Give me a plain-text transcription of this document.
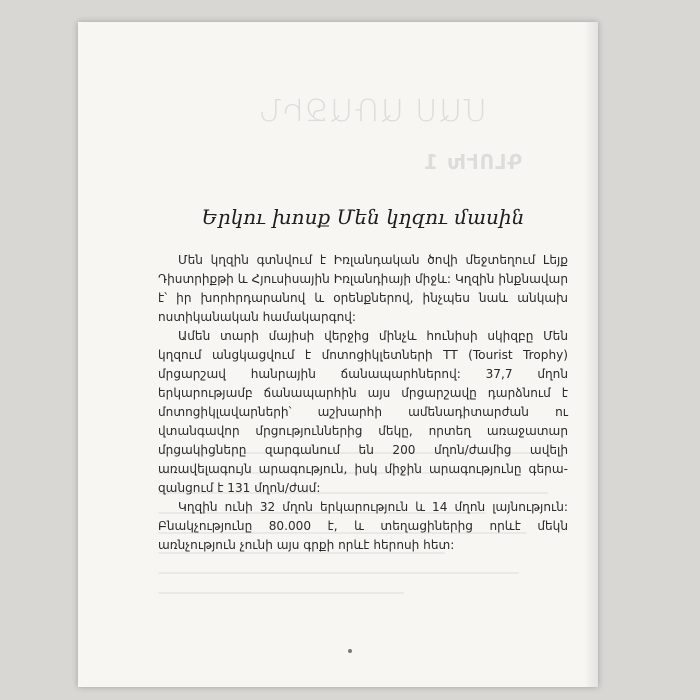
ՄԱՍ ԱՌԱՋԻՆ
ԳԼՈՒԽ 1
Երկու խոսք Մեն կղզու մասին

Մեն կղզին գտնվում է Իռլանդական ծովի մեջտեղում Լեյք Դիստրիքթի և Հյուսիսային Իռլանդիայի միջև: Կղզին ինքնավար է՝ իր խորհրդարանով և օրենքներով, ինչպես նաև անկախ ոստիկանական համակարգով:

Ամեն տարի մայիսի վերջից մինչև հունիսի սկիզբը Մեն կղզում անցկացվում է մոտոցիկլետների TT (Tourist Trophy) մրցարշավ հանրային ճանապարհներով: 37,7 մղոն երկարությամբ ճանապարհին այս մրցարշավը դարձնում է մոտոցիկլավարների՝ աշխարհի ամենադիտարժան ու վտանգավոր մրցություններից մեկը, որտեղ առաջատար մրցակիցները զարգանում են 200 մղոն/ժամից ավելի առավելագույն արագություն, իսկ միջին արագությունը գերազանցում է 131 մղոն/ժամ:

Կղզին ունի 32 մղոն երկարություն և 14 մղոն լայնություն: Բնակչությունը 80.000 է, և տեղացիներից որևէ մեկն առնչություն չունի այս գրքի որևէ հերոսի հետ:
